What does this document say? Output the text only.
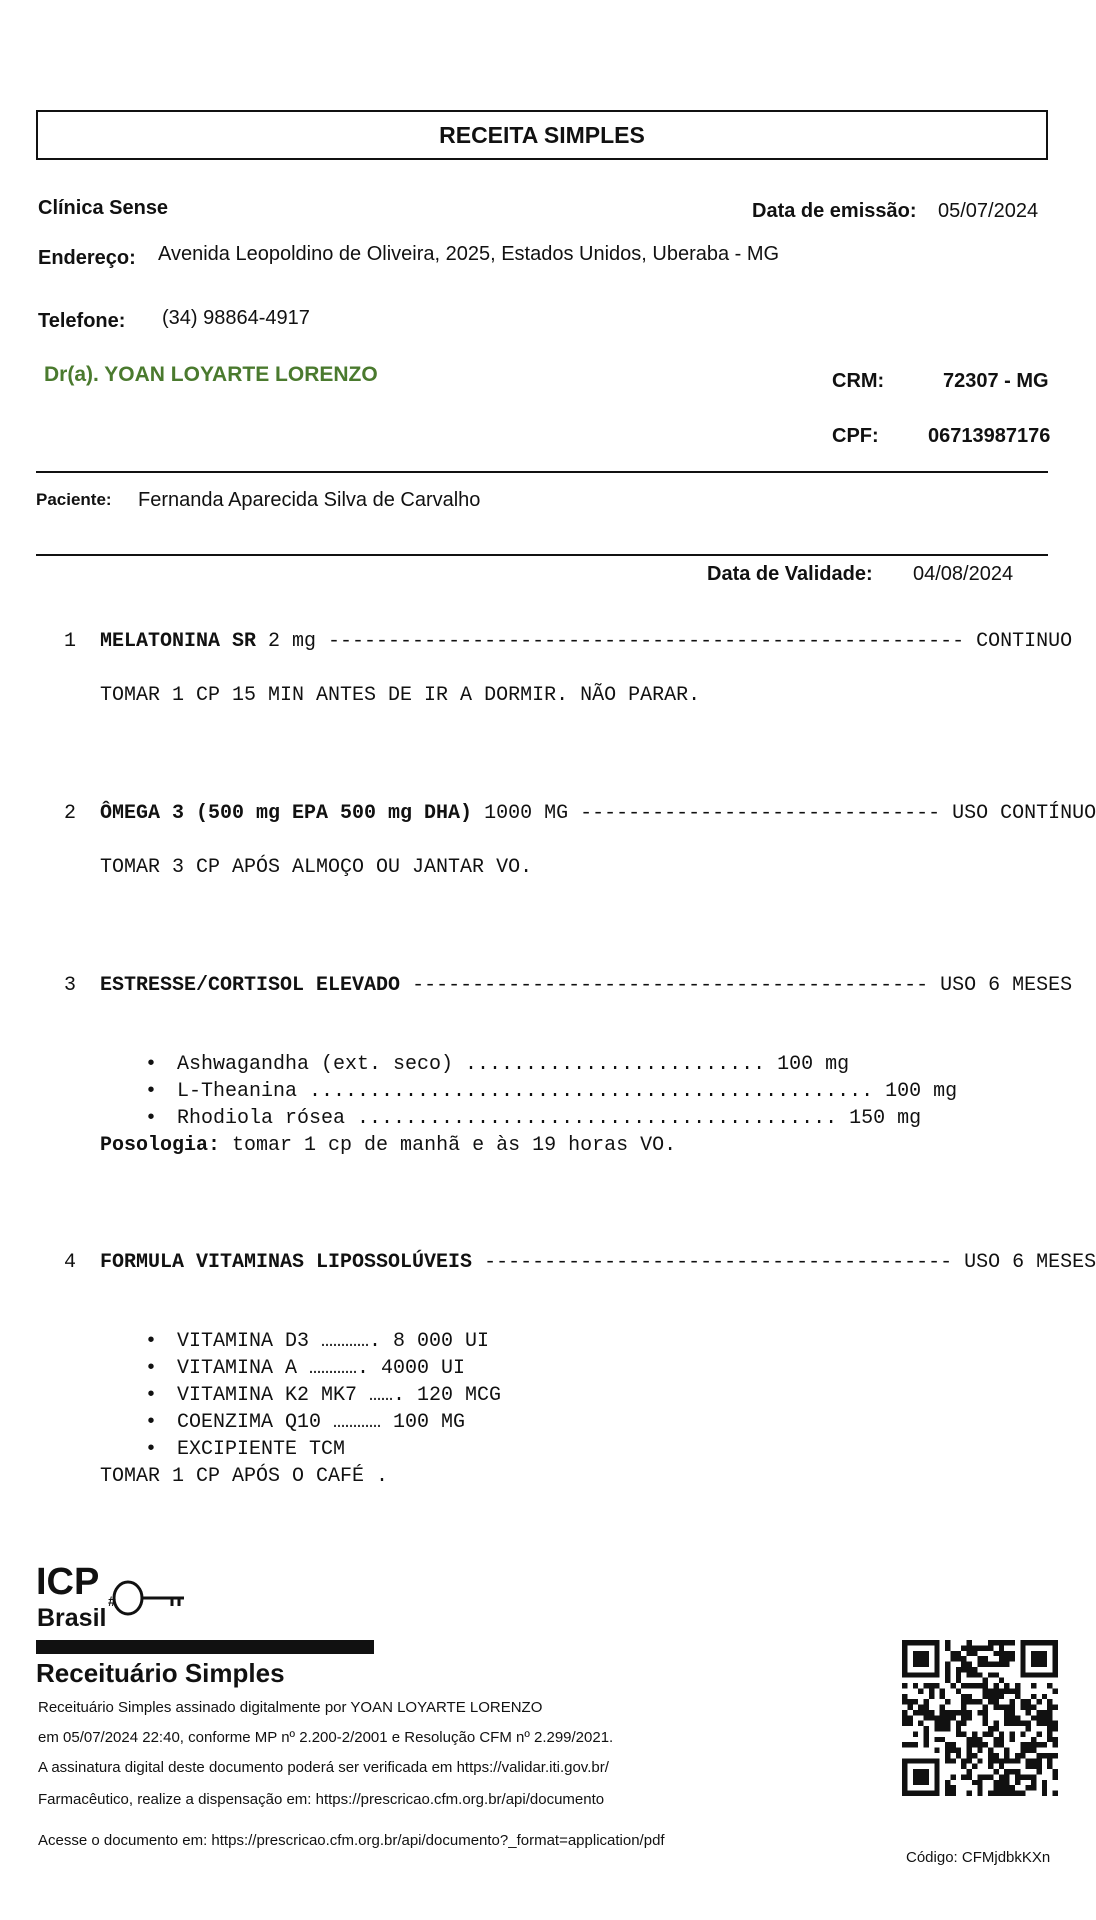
RECEITA SIMPLES
Clínica Sense	Data de emissão: 05/07/2024
Endereço: Avenida Leopoldino de Oliveira, 2025, Estados Unidos, Uberaba - MG
Telefone: (34) 98864-4917
Dr(a). YOAN LOYARTE LORENZO	CRM:	72307 - MG
CPF: 06713987176
Paciente: Fernanda Aparecida Silva de Carvalho
Data de Validade: 04/08/2024
1 MELATONINA SR 2 mg ----------------------------------------------------- CONTINUO
TOMAR 1 CP 15 MIN ANTES DE IR A DORMIR. NÃO PARAR.
2 ÔMEGA 3 (500 mg EPA 500 mg DHA) 1000 MG ------------------------------ USO CONTÍNUO
TOMAR 3 CP APÓS ALMOÇO OU JANTAR VO.
3 ESTRESSE/CORTISOL ELEVADO ------------------------------------------- USO 6 MESES
• Ashwagandha (ext. seco) ......................... 100 mg
• L-Theanina ............................................... 100 mg
• Rhodiola rósea ........................................ 150 mg
Posologia: tomar 1 cp de manhã e às 19 horas VO.
4 FORMULA VITAMINAS LIPOSSOLÚVEIS --------------------------------------- USO 6 MESES
• VITAMINA D3 …………. 8 000 UI
• VITAMINA A …………. 4000 UI
• VITAMINA K2 MK7 ……. 120 MCG
• COENZIMA Q10 ………… 100 MG
• EXCIPIENTE TCM
TOMAR 1 CP APÓS O CAFÉ .
ICP
Brasil
#
Receituário Simples
Receituário Simples assinado digitalmente por YOAN LOYARTE LORENZO
em 05/07/2024 22:40, conforme MP nº 2.200-2/2001 e Resolução CFM nº 2.299/2021.
A assinatura digital deste documento poderá ser verificada em https://validar.iti.gov.br/
Farmacêutico, realize a dispensação em: https://prescricao.cfm.org.br/api/documento
Acesse o documento em: https://prescricao.cfm.org.br/api/documento?_format=application/pdf
Código: CFMjdbkKXn
